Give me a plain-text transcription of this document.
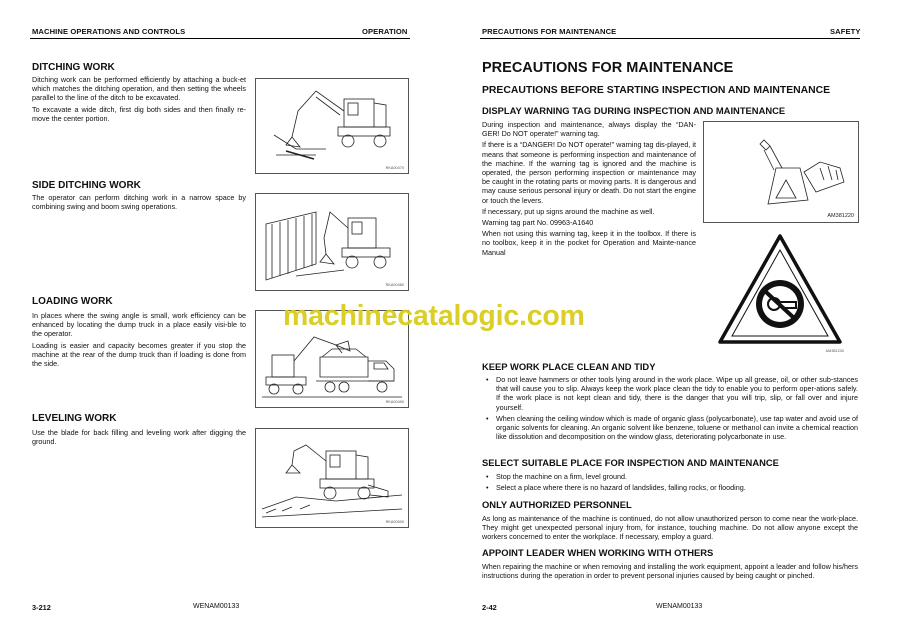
MACHINE OPERATIONS AND CONTROLS	OPERATION
DITCHING WORK

Ditching work can be performed efficiently by attaching a buck-et which matches the ditching operation, and then setting the wheels parallel to the line of the ditch to be excavated.

To excavate a wide ditch, first dig both sides and then finally re-move the center portion.

RKA00470
SIDE DITCHING WORK

The operator can perform ditching work in a narrow space by combining swing and boom swing operations.

RKA00480
LOADING WORK

In places where the swing angle is small, work efficiency can be enhanced by locating the dump truck in a place easily visi-ble to the operator.

Loading is easier and capacity becomes greater if you stop the machine at the rear of the dump truck than if loading is done from the side.

RKA00490
LEVELING WORK

Use the blade for back filling and leveling work after digging the ground.

RKA00500
3-212	WENAM00133
PRECAUTIONS FOR MAINTENANCE	SAFETY
PRECAUTIONS FOR MAINTENANCE
PRECAUTIONS BEFORE STARTING INSPECTION AND MAINTENANCE
DISPLAY WARNING TAG DURING INSPECTION AND MAINTENANCE

During inspection and maintenance, always display the “DAN-GER! Do NOT operate!” warning tag.

If there is a “DANGER! Do NOT operate!” warning tag dis-played, it means that someone is performing inspection and maintenance of the machine. If the warning tag is ignored and the machine is operated, the person performing inspection or maintenance may be caught in the rotating parts or moving parts. It is dangerous and may cause serious personal injury or death. Do not start the engine or touch the levers.

If necessary, put up signs around the machine as well.

Warning tag part No. 09963-A1640

When not using this warning tag, keep it in the toolbox. If there is no toolbox, keep it in the pocket for Operation and Mainte-nance Manual

AM381220
AM381230
KEEP WORK PLACE CLEAN AND TIDY
• Do not leave hammers or other tools lying around in the work place. Wipe up all grease, oil, or other sub-stances that will cause you to slip. Always keep the work place clean the tidy to enable you to perform oper-ations safely. If the work place is not kept clean and tidy, there is the danger that you will trip, slip, or fall over and injure yourself.
• When cleaning the ceiling window which is made of organic glass (polycarbonate), use tap water and avoid use of organic solvents for cleaning. An organic solvent like benzene, toluene or methanol can invite a chemical reaction like dissolution and decomposition on the window glass, deteriorating polycarbonate in use.
SELECT SUITABLE PLACE FOR INSPECTION AND MAINTENANCE
• Stop the machine on a firm, level ground.
• Select a place where there is no hazard of landslides, falling rocks, or flooding.
ONLY AUTHORIZED PERSONNEL
As long as maintenance of the machine is continued, do not allow unauthorized person to come near the work-place. They might get unexpected personal injury from, for instance, touching machine. Do not allow anyone except the workers concerned to enter the workplace. If necessary, employ a guard.
APPOINT LEADER WHEN WORKING WITH OTHERS
When repairing the machine or when removing and installing the work equipment, appoint a leader and follow his/hers instructions during the operation in order to prevent personal injuries caused by being caught or pinched.
2-42	WENAM00133
machinecatalogic.com
